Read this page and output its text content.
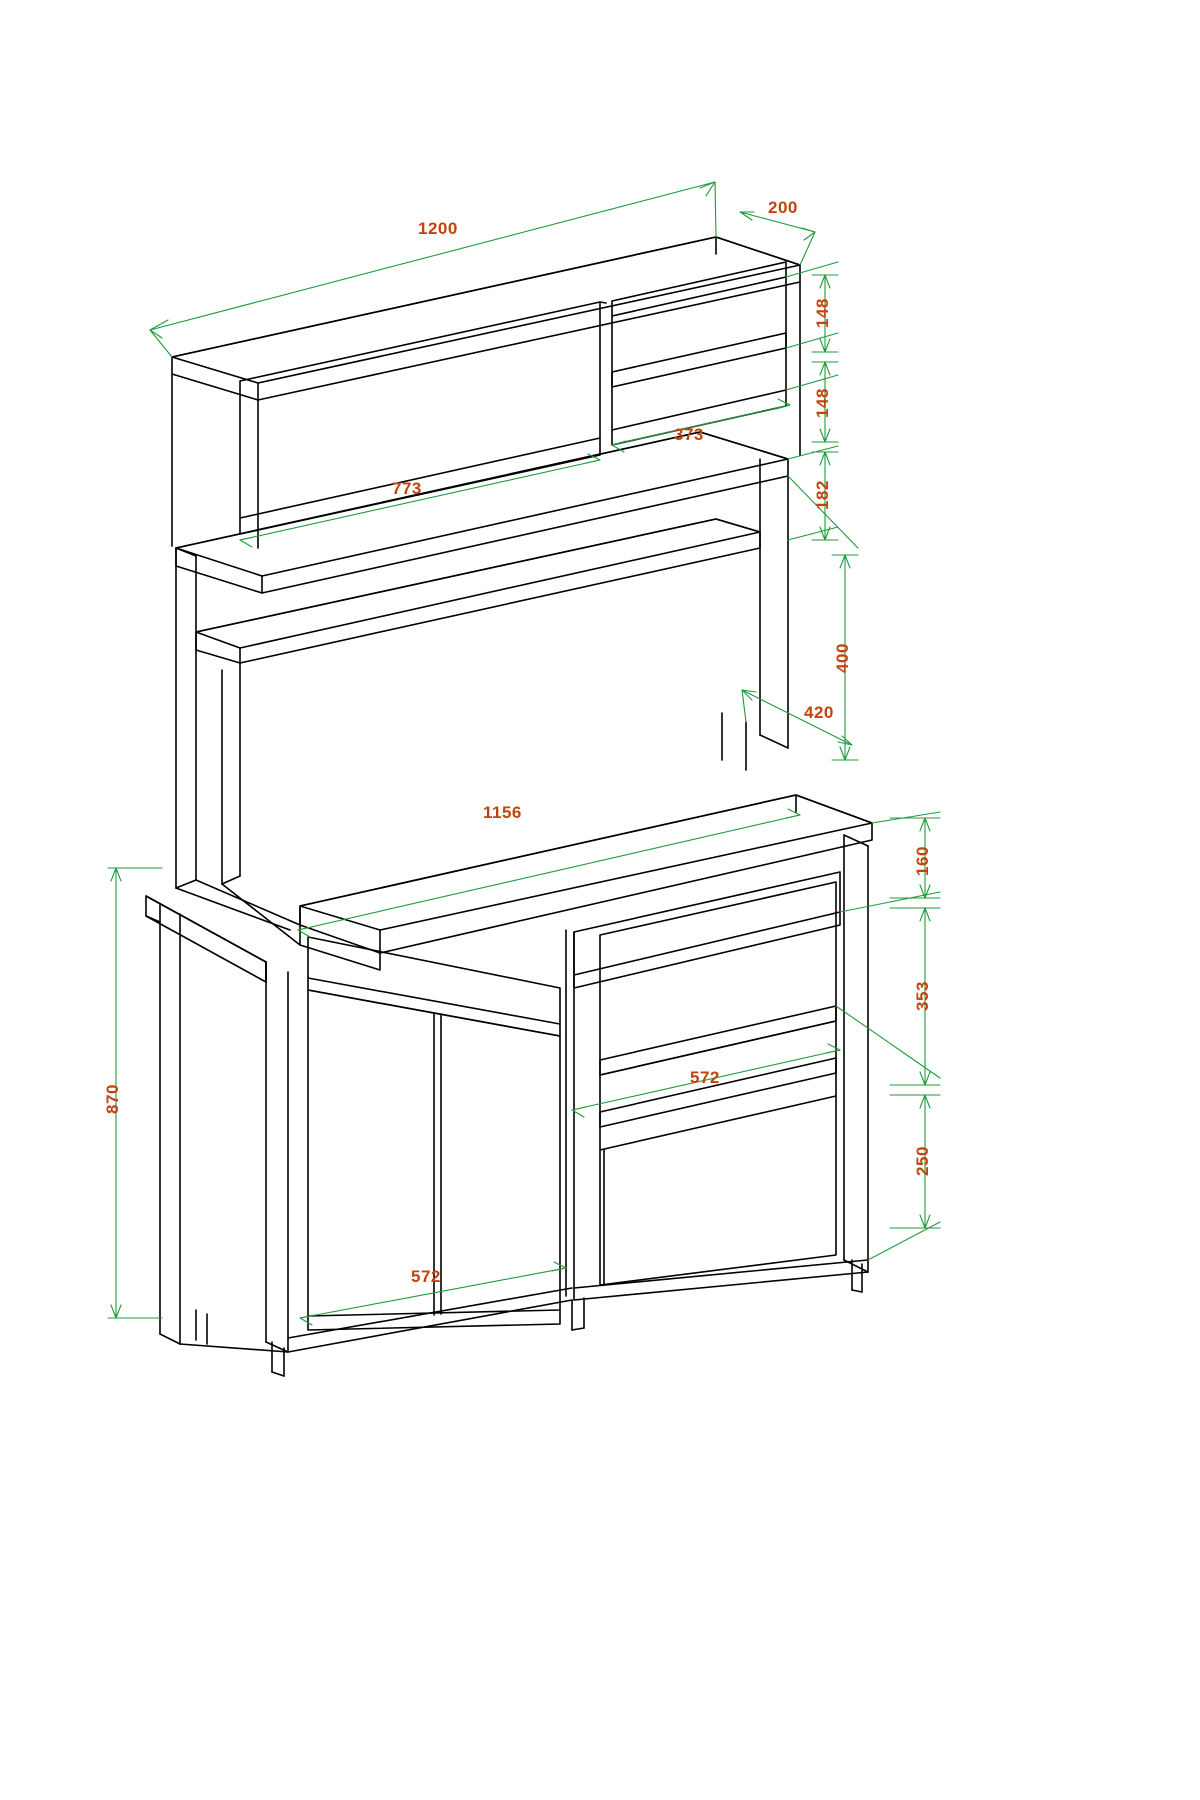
1200
200
148
148
373
773	182
400
420
1156
160
353
572
250
870
572
